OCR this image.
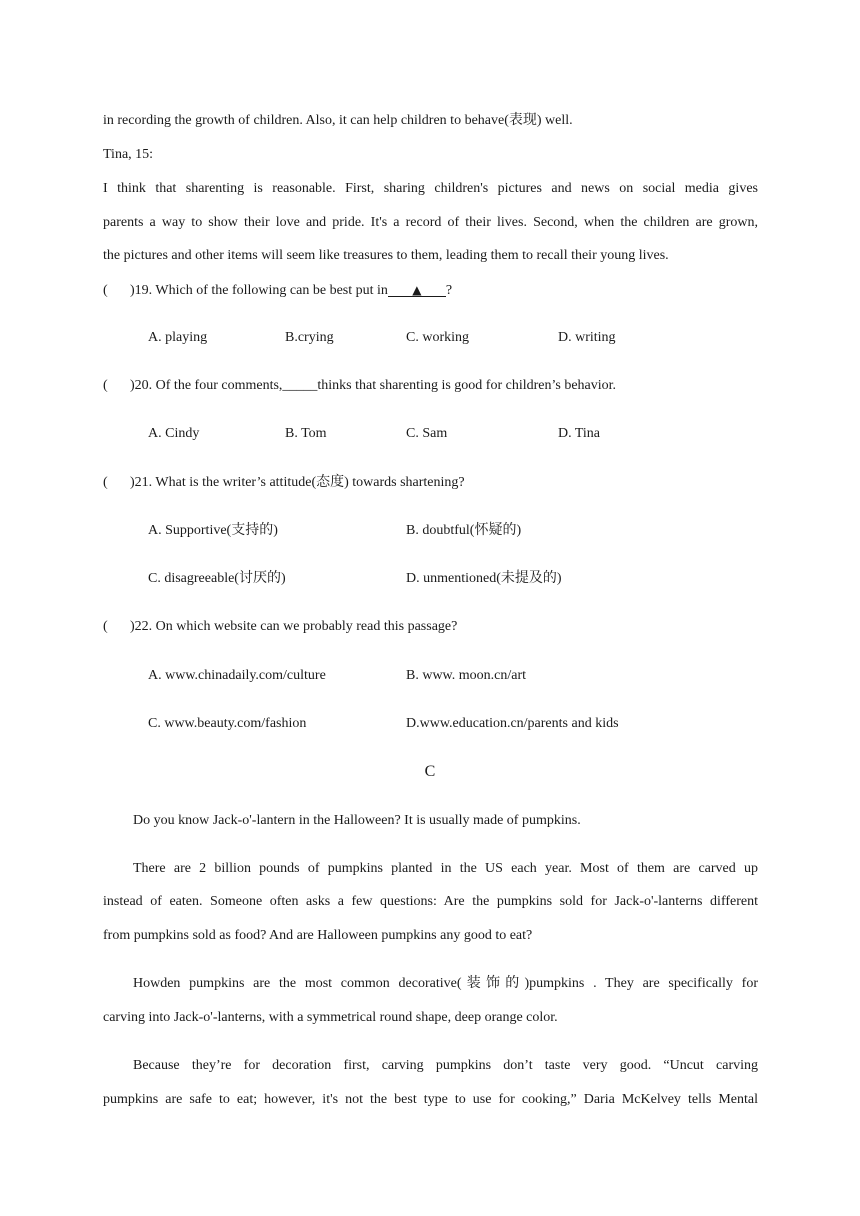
in recording the growth of children. Also, it can help children to behave(表现) well.
Tina, 15:
I think that sharenting is reasonable. First, sharing children's pictures and news on social media gives
parents a way to show their love and pride. It's a record of their lives. Second, when the children are grown,
the pictures and other items will seem like treasures to them, leading them to recall their young lives.
( )19. Which of the following can be best put in ▲ ?
A. playing	B.crying	C. working	D. writing
( )20. Of the four comments,_____thinks that sharenting is good for children’s behavior.
A. Cindy	B. Tom	C. Sam	D. Tina
( )21. What is the writer’s attitude(态度) towards shartening?
A. Supportive(支持的)	B. doubtful(怀疑的)
C. disagreeable(讨厌的)	D. unmentioned(未提及的)
( )22. On which website can we probably read this passage?
A. www.chinadaily.com/culture	B. www. moon.cn/art
C. www.beauty.com/fashion	D.www.education.cn/parents and kids
C
Do you know Jack-o'-lantern in the Halloween? It is usually made of pumpkins.
There are 2 billion pounds of pumpkins planted in the US each year. Most of them are carved up
instead of eaten. Someone often asks a few questions: Are the pumpkins sold for Jack-o'-lanterns different
from pumpkins sold as food? And are Halloween pumpkins any good to eat?
Howden pumpkins are the most common decorative(装饰的)pumpkins . They are specifically for
carving into Jack-o'-lanterns, with a symmetrical round shape, deep orange color.
Because they’re for decoration first, carving pumpkins don’t taste very good. “Uncut carving
pumpkins are safe to eat; however, it's not the best type to use for cooking,” Daria McKelvey tells Mental
